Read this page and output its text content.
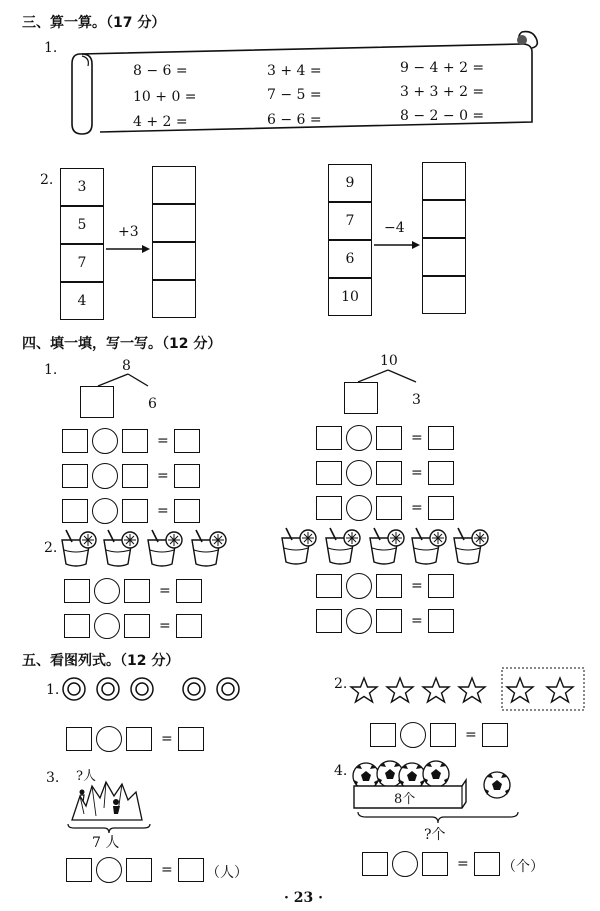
三、算一算。（17 分）
1.
8 − 6 =	3 + 4 =	9 − 4 + 2 =
10 + 0 =	7 − 5 =	3 + 3 + 2 =
4 + 2 =	6 − 6 =	8 − 2 − 0 =
2.	3
5
7
4
+3
9
7
6
10
−4
四、填一填，写一写。（12 分）
1.	8
6
10
3
=
=
=
=
=
=
2.
=
=
=
=
五、看图列式。（12 分）
1.
=
2.
=
3. ?人
7 人
= （人）
4.
8个
?个
= （个）
· 23 ·
